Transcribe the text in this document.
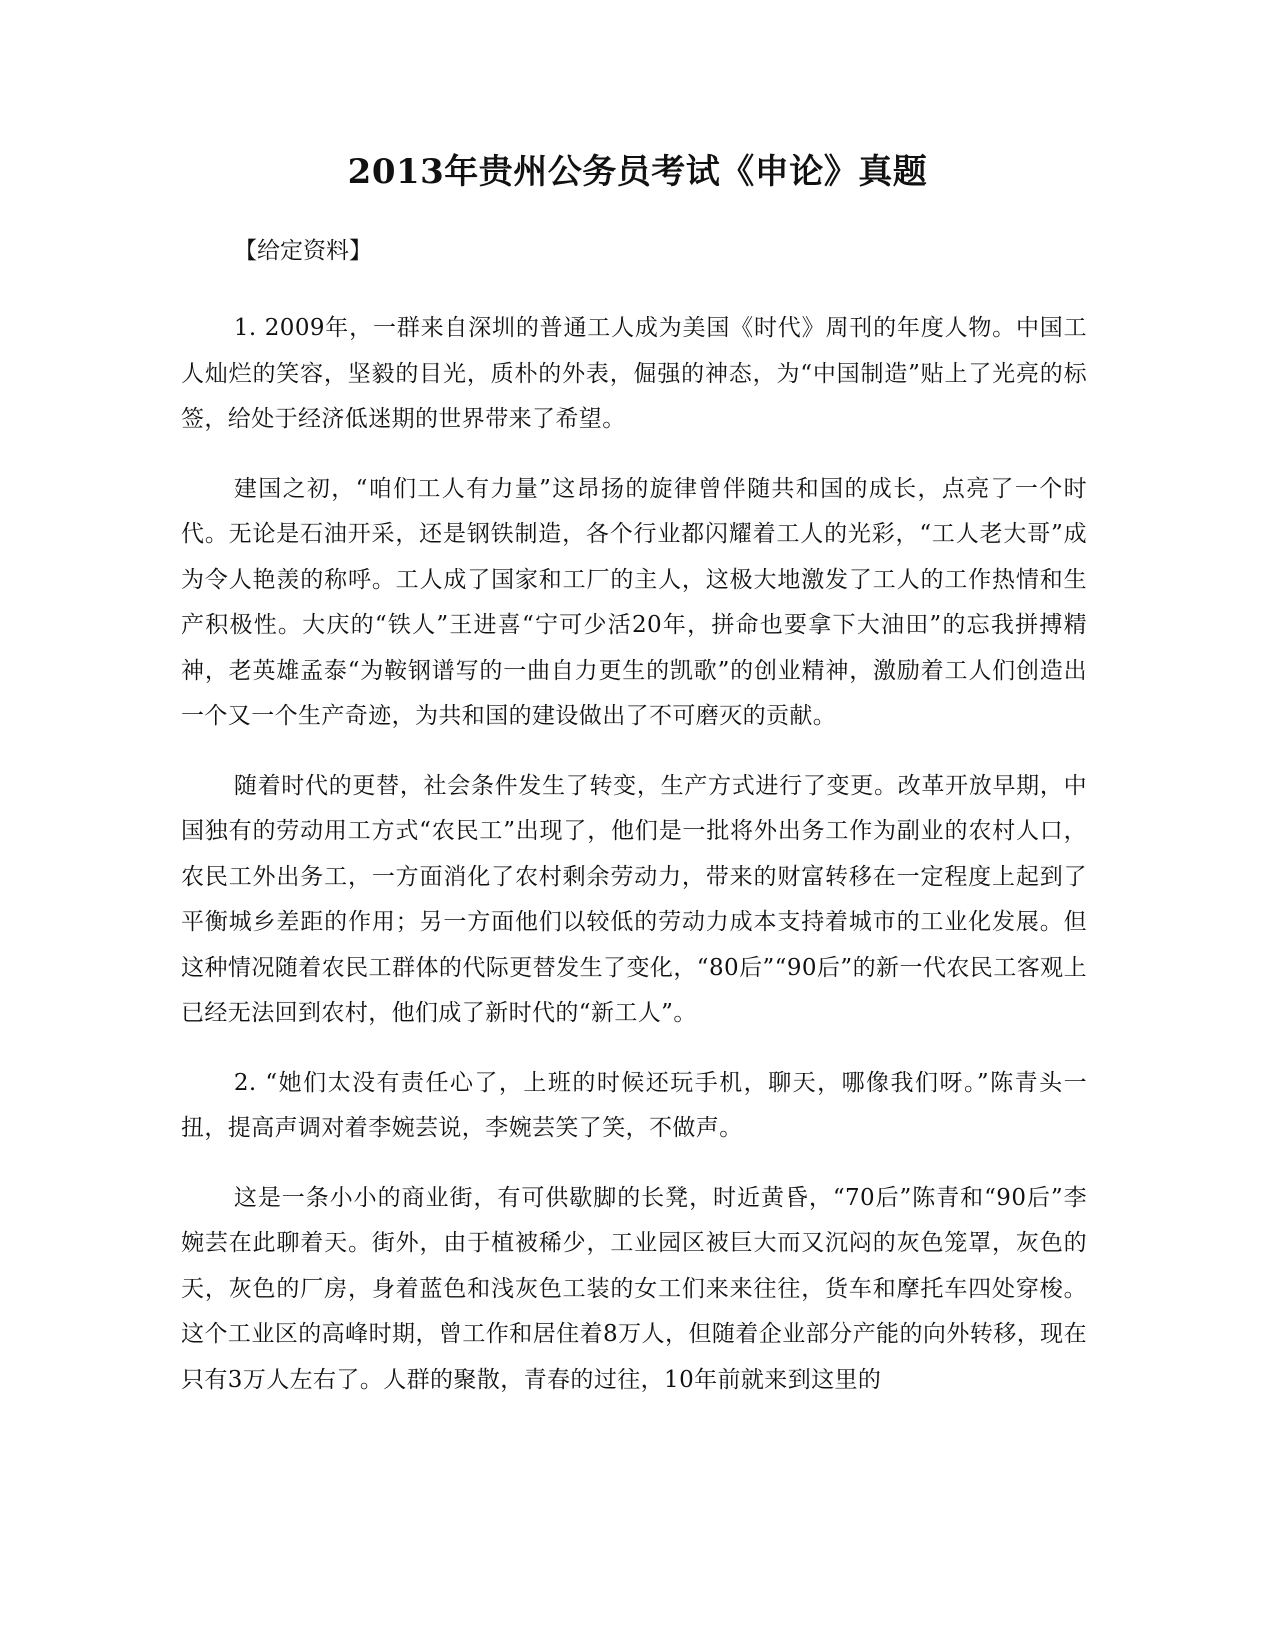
2013年贵州公务员考试《申论》真题
【给定资料】

1. 2009年，一群来自深圳的普通工人成为美国《时代》周刊的年度人物。中国工人灿烂的笑容，坚毅的目光，质朴的外表，倔强的神态，为“中国制造”贴上了光亮的标签，给处于经济低迷期的世界带来了希望。

建国之初，“咱们工人有力量”这昂扬的旋律曾伴随共和国的成长，点亮了一个时代。无论是石油开采，还是钢铁制造，各个行业都闪耀着工人的光彩，“工人老大哥”成为令人艳羡的称呼。工人成了国家和工厂的主人，这极大地激发了工人的工作热情和生产积极性。大庆的“铁人”王进喜“宁可少活20年，拼命也要拿下大油田”的忘我拼搏精神，老英雄孟泰“为鞍钢谱写的一曲自力更生的凯歌”的创业精神，激励着工人们创造出一个又一个生产奇迹，为共和国的建设做出了不可磨灭的贡献。

随着时代的更替，社会条件发生了转变，生产方式进行了变更。改革开放早期，中国独有的劳动用工方式“农民工”出现了，他们是一批将外出务工作为副业的农村人口，农民工外出务工，一方面消化了农村剩余劳动力，带来的财富转移在一定程度上起到了平衡城乡差距的作用；另一方面他们以较低的劳动力成本支持着城市的工业化发展。但这种情况随着农民工群体的代际更替发生了变化，“80后”“90后”的新一代农民工客观上已经无法回到农村，他们成了新时代的“新工人”。

2. “她们太没有责任心了，上班的时候还玩手机，聊天，哪像我们呀。”陈青头一扭，提高声调对着李婉芸说，李婉芸笑了笑，不做声。

这是一条小小的商业街，有可供歇脚的长凳，时近黄昏，“70后”陈青和“90后”李婉芸在此聊着天。街外，由于植被稀少，工业园区被巨大而又沉闷的灰色笼罩，灰色的天，灰色的厂房，身着蓝色和浅灰色工装的女工们来来往往，货车和摩托车四处穿梭。这个工业区的高峰时期，曾工作和居住着8万人，但随着企业部分产能的向外转移，现在只有3万人左右了。人群的聚散，青春的过往，10年前就来到这里的
